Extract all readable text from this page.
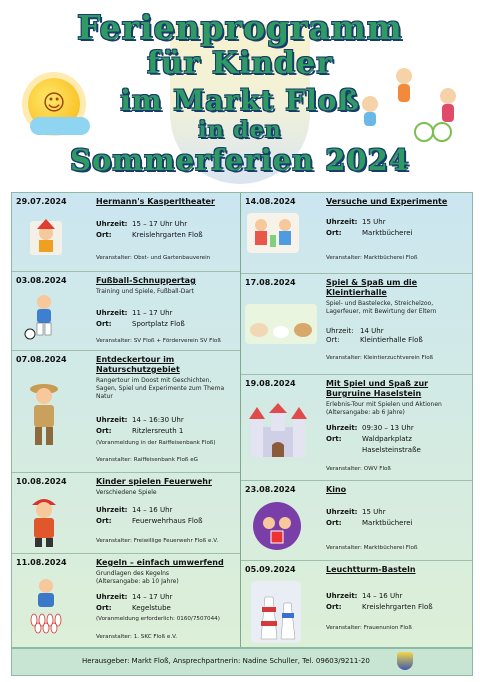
☺
Ferienprogramm
für Kinder
im Markt Floß
in den
Sommerferien 2024
29.07.2024	Hermann's Kasperltheater
Uhrzeit: 15 – 17 Uhr Uhr
Ort:	Kreislehrgarten Floß
Veranstalter: Obst- und Gartenbauverein
03.08.2024	Fußball-Schnuppertag
Training und Spiele, Fußball-Dart
Uhrzeit: 11 – 17 Uhr
Ort:	Sportplatz Floß
Veranstalter: SV Floß + Förderverein SV Floß
07.08.2024	Entdeckertour im Naturschutzgebiet
Rangertour im Doost mit Geschichten, Sagen, Spiel und Experimente zum Thema Natur
Uhrzeit: 14 – 16:30 Uhr
Ort:	Ritzlersreuth 1
(Voranmeldung in der Raiffeisenbank Floß)
Veranstalter: Raiffeisenbank Floß eG
10.08.2024	Kinder spielen Feuerwehr
Verschiedene Spiele
Uhrzeit: 14 – 16 Uhr
Ort:	Feuerwehrhaus Floß
Veranstalter: Freiwillige Feuerwehr Floß e.V.
11.08.2024	Kegeln – einfach umwerfend
Grundlagen des Kegelns (Altersangabe: ab 10 Jahre)
Uhrzeit: 14 – 17 Uhr
Ort:	Kegelstube
(Voranmeldung erforderlich: 0160/7507044)
Veranstalter: 1. SKC Floß e.V.
14.08.2024	Versuche und Experimente
Uhrzeit: 15 Uhr
Ort:	Marktbücherei
Veranstalter: Marktbücherei Floß
17.08.2024	Spiel & Spaß um die Kleintierhalle
Spiel- und Bastelecke, Streichelzoo, Lagerfeuer, mit Bewirtung der Eltern
Uhrzeit: 14 Uhr
Ort:	Kleintierhalle Floß
Veranstalter: Kleintierzuchtverein Floß
19.08.2024	Mit Spiel und Spaß zur Burgruine Haselstein
Erlebnis-Tour mit Spielen und Aktionen (Altersangabe: ab 6 Jahre)
Uhrzeit: 09:30 – 13 Uhr
Ort:	Waldparkplatz
Haselsteinstraße
Veranstalter: OWV Floß
23.08.2024	Kino
Uhrzeit: 15 Uhr
Ort:	Marktbücherei
Veranstalter: Marktbücherei Floß
05.09.2024	Leuchtturm-Basteln
Uhrzeit: 14 – 16 Uhr
Ort:	Kreislehrgarten Floß
Veranstalter: Frauenunion Floß
Herausgeber: Markt Floß, Ansprechpartnerin: Nadine Schuller, Tel. 09603/9211-20
